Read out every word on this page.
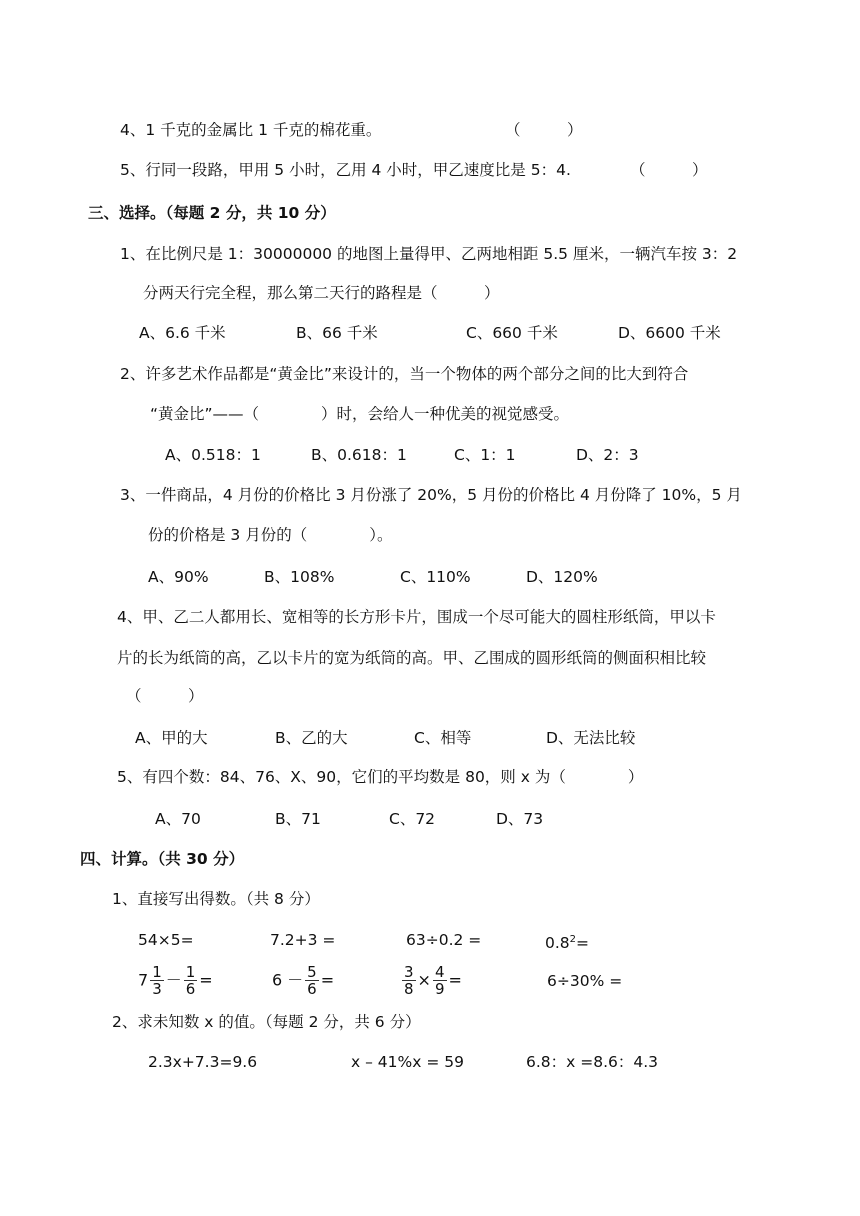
4、1 千克的金属比 1 千克的棉花重。	（　　　）
5、行同一段路，甲用 5 小时，乙用 4 小时，甲乙速度比是 5：4.	（　　　）
三、选择。（每题 2 分，共 10 分）
1、在比例尺是 1：30000000 的地图上量得甲、乙两地相距 5.5 厘米，一辆汽车按 3：2
分两天行完全程，那么第二天行的路程是（　　　）
A、6.6 千米	B、66 千米	C、660 千米	D、6600 千米
2、许多艺术作品都是“黄金比”来设计的，当一个物体的两个部分之间的比大到符合
“黄金比”——（　　　　）时，会给人一种优美的视觉感受。
A、0.518：1	B、0.618：1	C、1：1	D、2：3
3、一件商品，4 月份的价格比 3 月份涨了 20%，5 月份的价格比 4 月份降了 10%，5 月
份的价格是 3 月份的（　　　　）。
A、90%	B、108%	C、110%	D、120%
4、甲、乙二人都用长、宽相等的长方形卡片，围成一个尽可能大的圆柱形纸筒，甲以卡
片的长为纸筒的高，乙以卡片的宽为纸筒的高。甲、乙围成的圆形纸筒的侧面积相比较
（　　　）
A、甲的大	B、乙的大	C、相等	D、无法比较
5、有四个数：84、76、X、90，它们的平均数是 80，则 x 为（　　　　）
A、70	B、71	C、72	D、73
四、计算。（共 30 分）
1、直接写出得数。（共 8 分）
54×5=	7.2+3 =	63÷0.2 =	$0.8^2=$
$7 \frac{1}{3} - \frac{1}{6}$ =	$6 - \frac{5}{6}$ =	$\frac{3}{8} \times \frac{4}{9}$ =	6÷30% =
2、求未知数 x 的值。（每题 2 分，共 6 分）
2.3x+7.3=9.6	x – 41%x = 59	6.8：x =8.6：4.3
